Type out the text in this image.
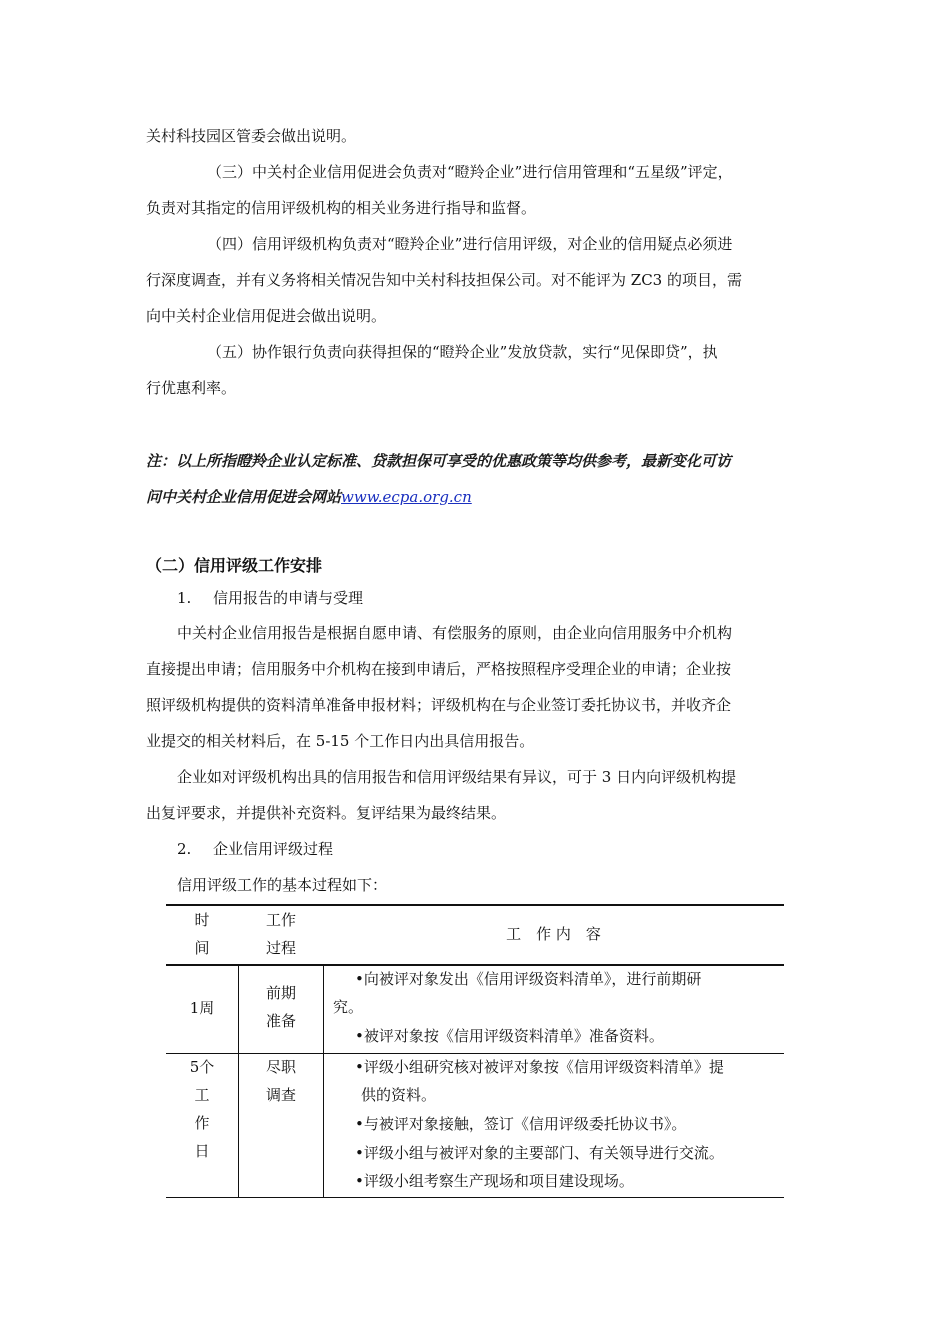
关村科技园区管委会做出说明。
（三）中关村企业信用促进会负责对“瞪羚企业”进行信用管理和“五星级”评定，
负责对其指定的信用评级机构的相关业务进行指导和监督。
（四）信用评级机构负责对“瞪羚企业”进行信用评级，对企业的信用疑点必须进
行深度调查，并有义务将相关情况告知中关村科技担保公司。对不能评为 ZC3 的项目，需
向中关村企业信用促进会做出说明。
（五）协作银行负责向获得担保的“瞪羚企业”发放贷款，实行“见保即贷”，执
行优惠利率。
注：以上所指瞪羚企业认定标准、贷款担保可享受的优惠政策等均供参考，最新变化可访
问中关村企业信用促进会网站www.ecpa.org.cn
（二）信用评级工作安排
1. 信用报告的申请与受理
中关村企业信用报告是根据自愿申请、有偿服务的原则，由企业向信用服务中介机构
直接提出申请；信用服务中介机构在接到申请后，严格按照程序受理企业的申请；企业按
照评级机构提供的资料清单准备申报材料；评级机构在与企业签订委托协议书，并收齐企
业提交的相关材料后，在 5-15 个工作日内出具信用报告。
企业如对评级机构出具的信用报告和信用评级结果有异议，可于 3 日内向评级机构提
出复评要求，并提供补充资料。复评结果为最终结果。
2. 企业信用评级过程
信用评级工作的基本过程如下：
时
间
工作
过程
工　作 内　容
1周
前期
准备
•向被评对象发出《信用评级资料清单》，进行前期研
究。
•被评对象按《信用评级资料清单》准备资料。
5个
工
作
日
尽职
调查
•评级小组研究核对被评对象按《信用评级资料清单》提
供的资料。
•与被评对象接触，签订《信用评级委托协议书》。
•评级小组与被评对象的主要部门、有关领导进行交流。
•评级小组考察生产现场和项目建设现场。
